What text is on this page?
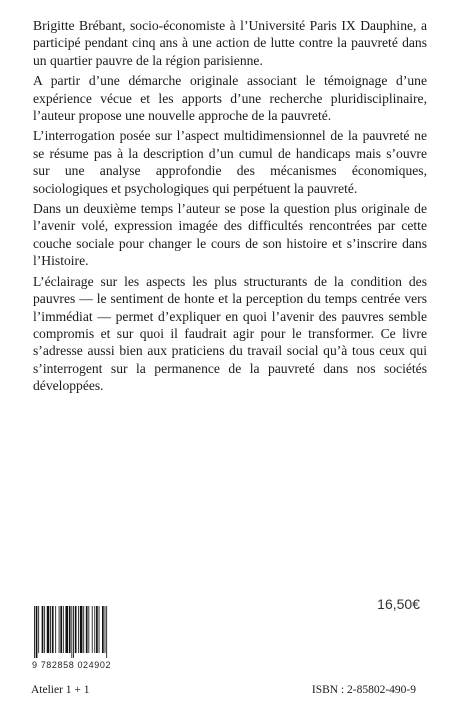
Brigitte Brébant, socio-économiste à l’Université Paris IX Dauphine, a participé pendant cinq ans à une action de lutte contre la pauvreté dans un quartier pauvre de la région parisienne.

A partir d’une démarche originale associant le témoignage d’une expérience vécue et les apports d’une recherche pluridisciplinaire, l’auteur propose une nouvelle approche de la pauvreté.

L’interrogation posée sur l’aspect multidimensionnel de la pauvreté ne se résume pas à la description d’un cumul de handicaps mais s’ouvre sur une analyse approfondie des mécanismes économiques, sociologiques et psychologiques qui perpétuent la pauvreté.

Dans un deuxième temps l’auteur se pose la question plus originale de l’avenir volé, expression imagée des difficultés rencontrées par cette couche sociale pour changer le cours de son histoire et s’inscrire dans l’Histoire.

L’éclairage sur les aspects les plus structurants de la condition des pauvres — le sentiment de honte et la perception du temps centrée vers l’immédiat — permet d’expliquer en quoi l’avenir des pauvres semble compromis et sur quoi il faudrait agir pour le transformer. Ce livre s’adresse aussi bien aux praticiens du travail social qu’à tous ceux qui s’interrogent sur la permanence de la pauvreté dans nos sociétés développées.

16,50€
9 782858 024902
Atelier 1 + 1	ISBN : 2-85802-490-9
